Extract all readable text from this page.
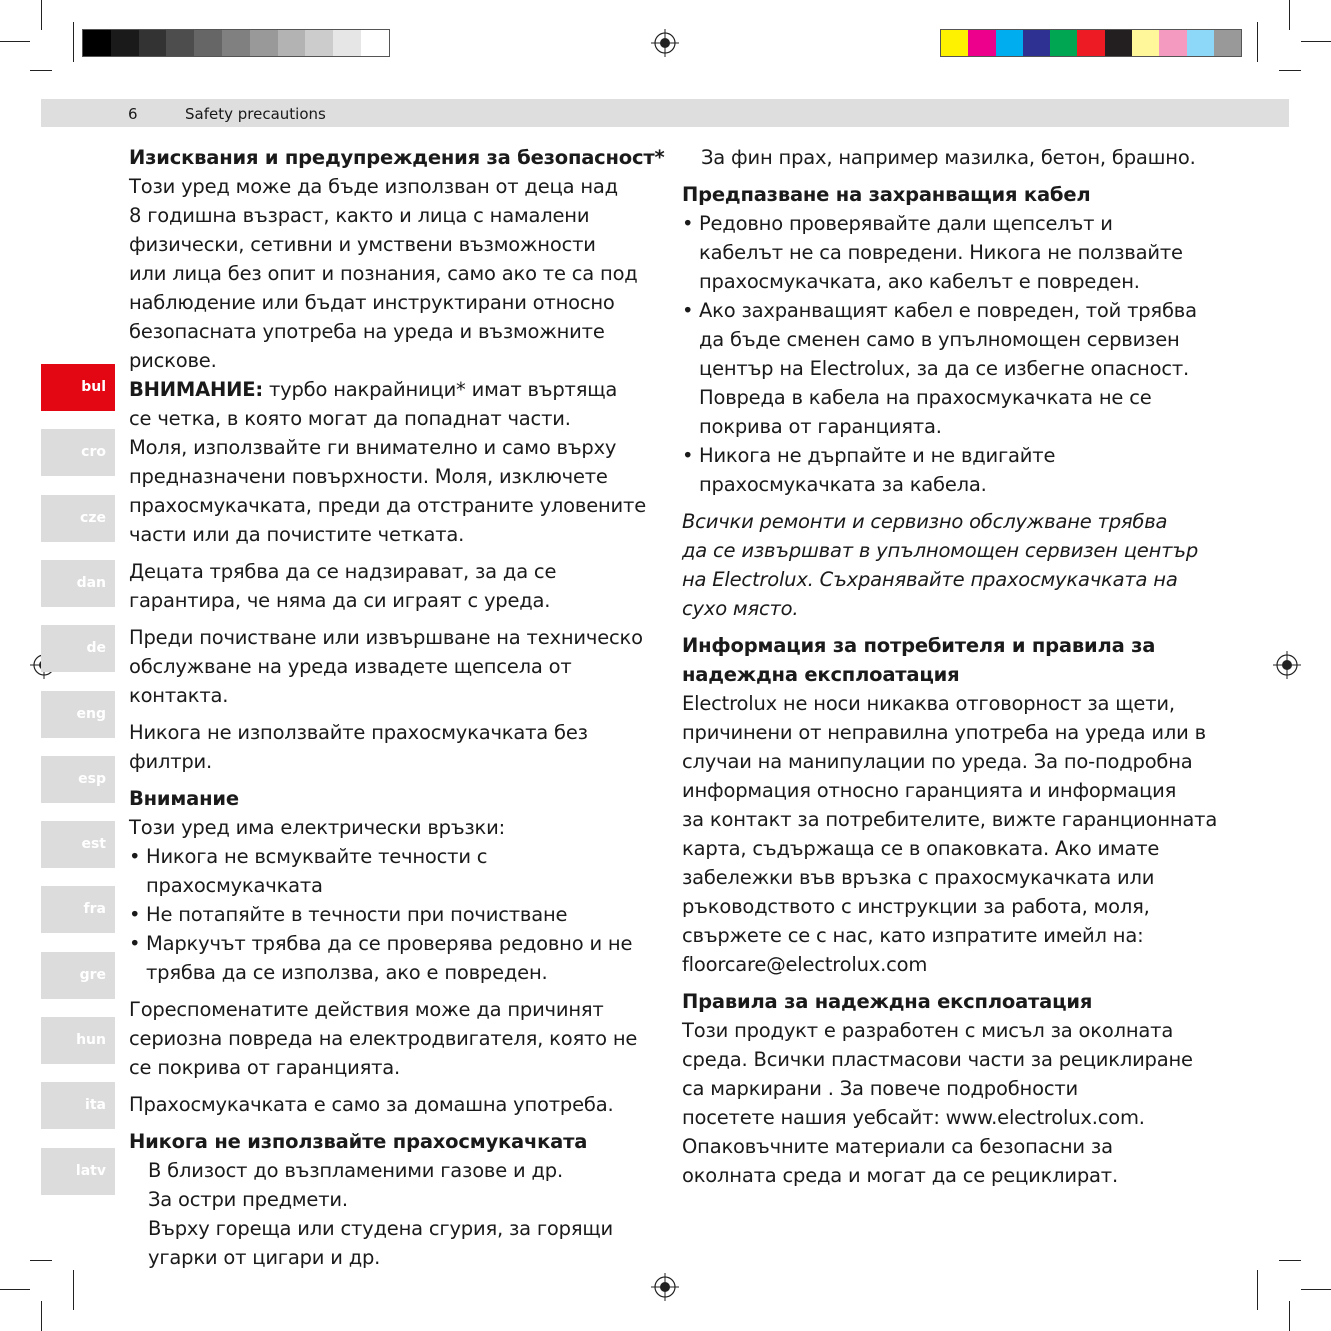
6	Safety precautions
bul
cro
cze
dan
de
eng
esp
est
fra
gre
hun
ita
latv

Изисквания и предупреждения за безопасност*

Този уред може да бъде използван от деца над
8 годишна възраст, както и лица с намалени
физически, сетивни и умствени възможности
или лица без опит и познания, само ако те са под
наблюдение или бъдат инструктирани относно
безопасната употреба на уреда и възможните
рискове.

ВНИМАНИЕ: турбо накрайници* имат въртяща

се четка, в която могат да попаднат части.
Моля, използвайте ги внимателно и само върху
предназначени повърхности. Моля, изключете
прахосмукачката, преди да отстраните уловените
части или да почистите четката.
Децата трябва да се надзирават, за да се
гарантира, че няма да си играят с уреда.
Преди почистване или извършване на техническо
обслужване на уреда извадете щепсела от контакта.

Никога не използвайте прахосмукачката без филтри.

Внимание

Този уред има електрически връзки:

• Никога не всмуквайте течности с
прахосмукачката
• Не потапяйте в течности при почистване
• Маркучът трябва да се проверява редовно и не
трябва да се използва, ако е повреден.
Гореспоменатите действия може да причинят
сериозна повреда на електродвигателя, която не
се покрива от гаранцията.

Прахосмукачката е само за домашна употреба.

Никога не използвайте прахосмукачката

В близост до възпламеними газове и др.
За остри предмети.
Върху гореща или студена сгурия, за горящи
угарки от цигари и др.

За фин прах, например мазилка, бетон, брашно.

Предпазване на захранващия кабел

• Редовно проверявайте дали щепселът и
кабелът не са повредени. Никога не ползвайте
прахосмукачката, ако кабелът е повреден.
• Ако захранващият кабел е повреден, той трябва
да бъде сменен само в упълномощен сервизен
център на Electrolux, за да се избегне опасност.
Повреда в кабела на прахосмукачката не се
покрива от гаранцията.
• Никога не дърпайте и не вдигайте
прахосмукачката за кабела.
Всички ремонти и сервизно обслужване трябва
да се извършват в упълномощен сервизен център
на Electrolux. Съхранявайте прахосмукачката на
сухо място.
Информация за потребителя и правила за
надеждна експлоатация
Electrolux не носи никаква отговорност за щети,
причинени от неправилна употреба на уреда или в
случаи на манипулации по уреда. За по-подробна
информация относно гаранцията и информация
за контакт за потребителите, вижте гаранционната
карта, съдържаща се в опаковката. Ако имате
забележки във връзка с прахосмукачката или
ръководството с инструкции за работа, моля,
свържете се с нас, като изпратите имейл на:
floorcare@electrolux.com

Правила за надеждна експлоатация

Този продукт е разработен с мисъл за околната
среда. Всички пластмасови части за рециклиране
са маркирани . За повече подробности
посетете нашия уебсайт: www.electrolux.com.
Опаковъчните материали са безопасни за
околната среда и могат да се рециклират.
